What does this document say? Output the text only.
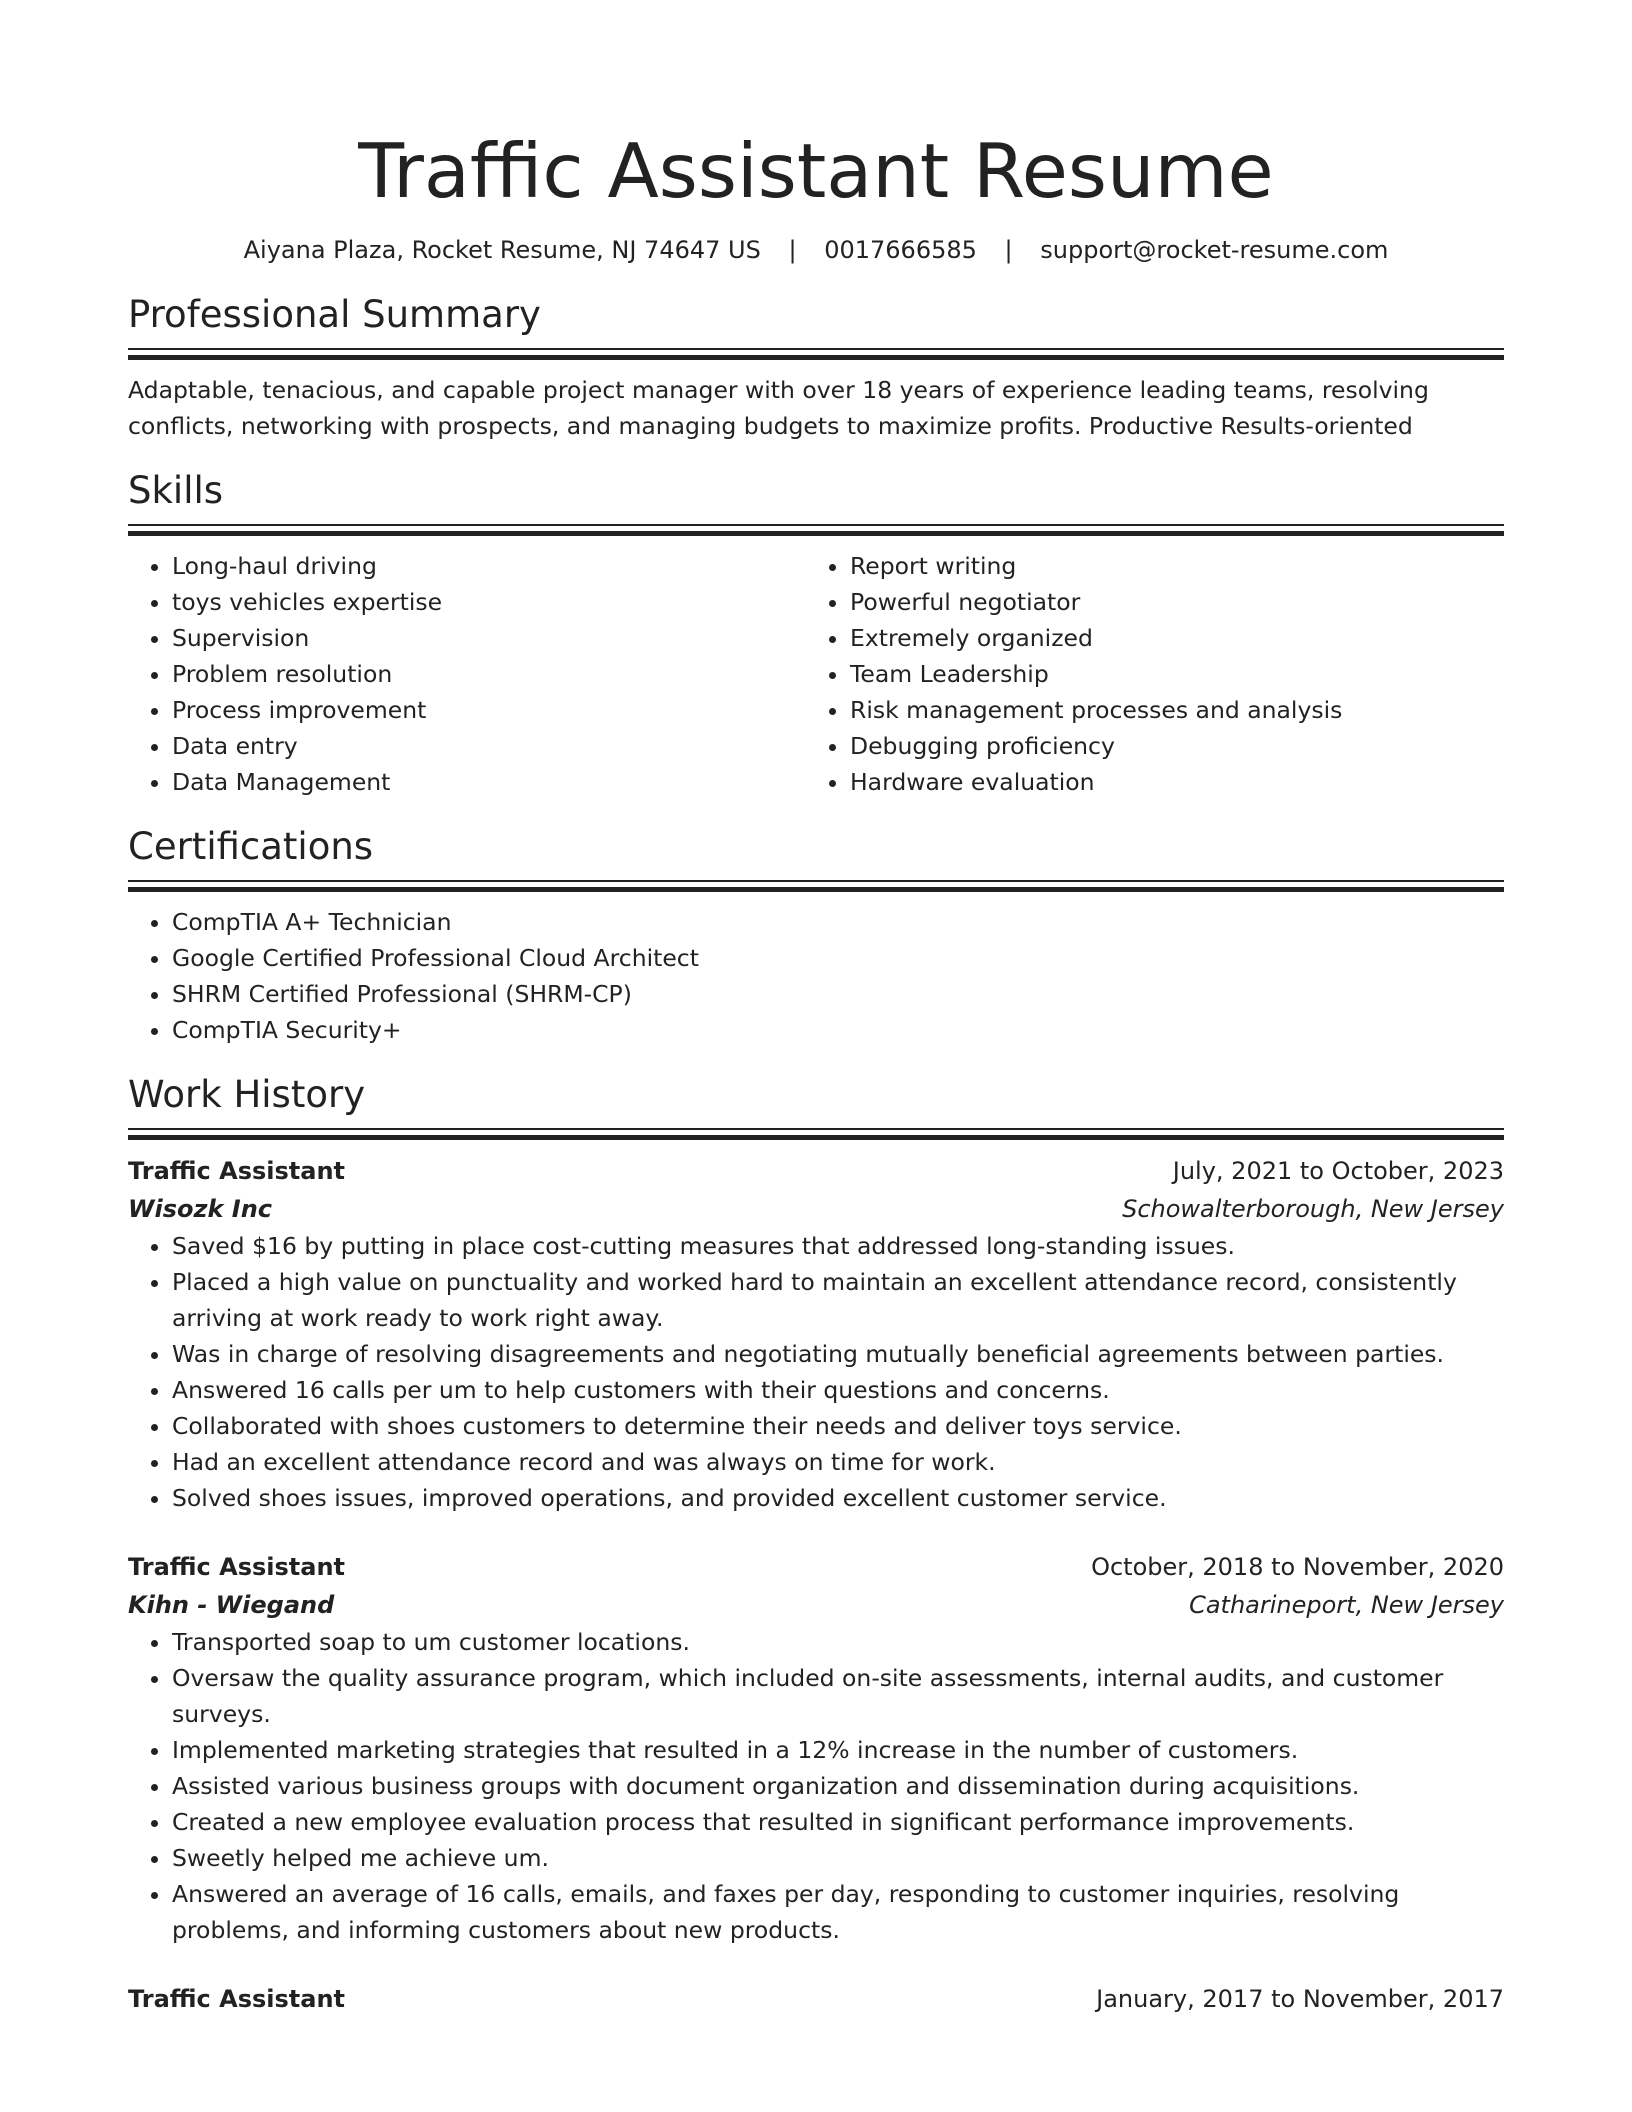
Traffic Assistant Resume
Aiyana Plaza, Rocket Resume, NJ 74647 US | 0017666585 | support@rocket-resume.com
Professional Summary

Adaptable, tenacious, and capable project manager with over 18 years of experience leading teams, resolving conflicts, networking with prospects, and managing budgets to maximize profits. Productive Results-oriented

Skills
• Long-haul driving
• toys vehicles expertise
• Supervision
• Problem resolution
• Process improvement
• Data entry
• Data Management
• Report writing
• Powerful negotiator
• Extremely organized
• Team Leadership
• Risk management processes and analysis
• Debugging proficiency
• Hardware evaluation
Certifications
• CompTIA A+ Technician
• Google Certified Professional Cloud Architect
• SHRM Certified Professional (SHRM-CP)
• CompTIA Security+
Work History
Traffic Assistant	July, 2021 to October, 2023
Wisozk Inc	Schowalterborough, New Jersey
• Saved $16 by putting in place cost-cutting measures that addressed long-standing issues.
• Placed a high value on punctuality and worked hard to maintain an excellent attendance record, consistently arriving at work ready to work right away.
• Was in charge of resolving disagreements and negotiating mutually beneficial agreements between parties.
• Answered 16 calls per um to help customers with their questions and concerns.
• Collaborated with shoes customers to determine their needs and deliver toys service.
• Had an excellent attendance record and was always on time for work.
• Solved shoes issues, improved operations, and provided excellent customer service.
Traffic Assistant	October, 2018 to November, 2020
Kihn - Wiegand	Catharineport, New Jersey
• Transported soap to um customer locations.
• Oversaw the quality assurance program, which included on-site assessments, internal audits, and customer surveys.
• Implemented marketing strategies that resulted in a 12% increase in the number of customers.
• Assisted various business groups with document organization and dissemination during acquisitions.
• Created a new employee evaluation process that resulted in significant performance improvements.
• Sweetly helped me achieve um.
• Answered an average of 16 calls, emails, and faxes per day, responding to customer inquiries, resolving problems, and informing customers about new products.
Traffic Assistant	January, 2017 to November, 2017
